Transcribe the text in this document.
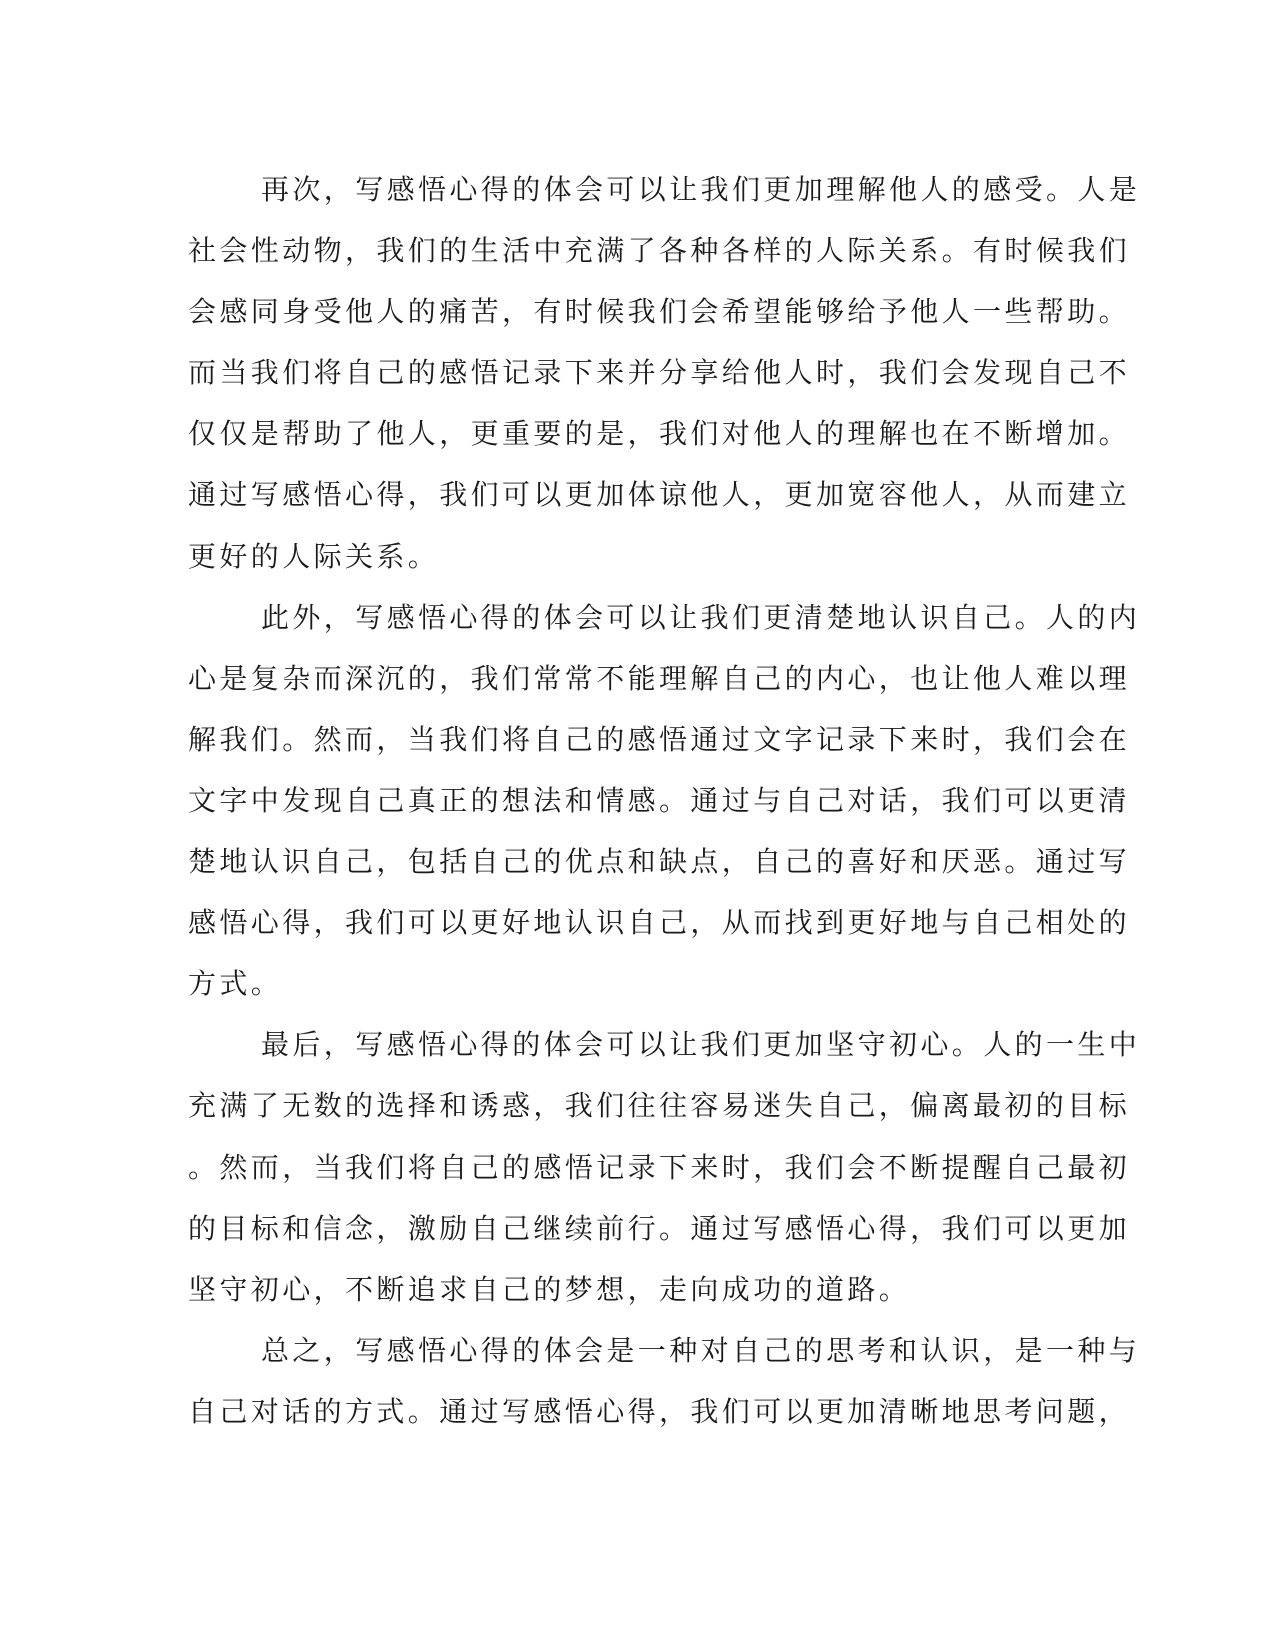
再次，写感悟心得的体会可以让我们更加理解他人的感受。人是
社会性动物，我们的生活中充满了各种各样的人际关系。有时候我们
会感同身受他人的痛苦，有时候我们会希望能够给予他人一些帮助。
而当我们将自己的感悟记录下来并分享给他人时，我们会发现自己不
仅仅是帮助了他人，更重要的是，我们对他人的理解也在不断增加。
通过写感悟心得，我们可以更加体谅他人，更加宽容他人，从而建立
更好的人际关系。
此外，写感悟心得的体会可以让我们更清楚地认识自己。人的内
心是复杂而深沉的，我们常常不能理解自己的内心，也让他人难以理
解我们。然而，当我们将自己的感悟通过文字记录下来时，我们会在
文字中发现自己真正的想法和情感。通过与自己对话，我们可以更清
楚地认识自己，包括自己的优点和缺点，自己的喜好和厌恶。通过写
感悟心得，我们可以更好地认识自己，从而找到更好地与自己相处的
方式。
最后，写感悟心得的体会可以让我们更加坚守初心。人的一生中
充满了无数的选择和诱惑，我们往往容易迷失自己，偏离最初的目标
。然而，当我们将自己的感悟记录下来时，我们会不断提醒自己最初
的目标和信念，激励自己继续前行。通过写感悟心得，我们可以更加
坚守初心，不断追求自己的梦想，走向成功的道路。
总之，写感悟心得的体会是一种对自己的思考和认识，是一种与
自己对话的方式。通过写感悟心得，我们可以更加清晰地思考问题，
